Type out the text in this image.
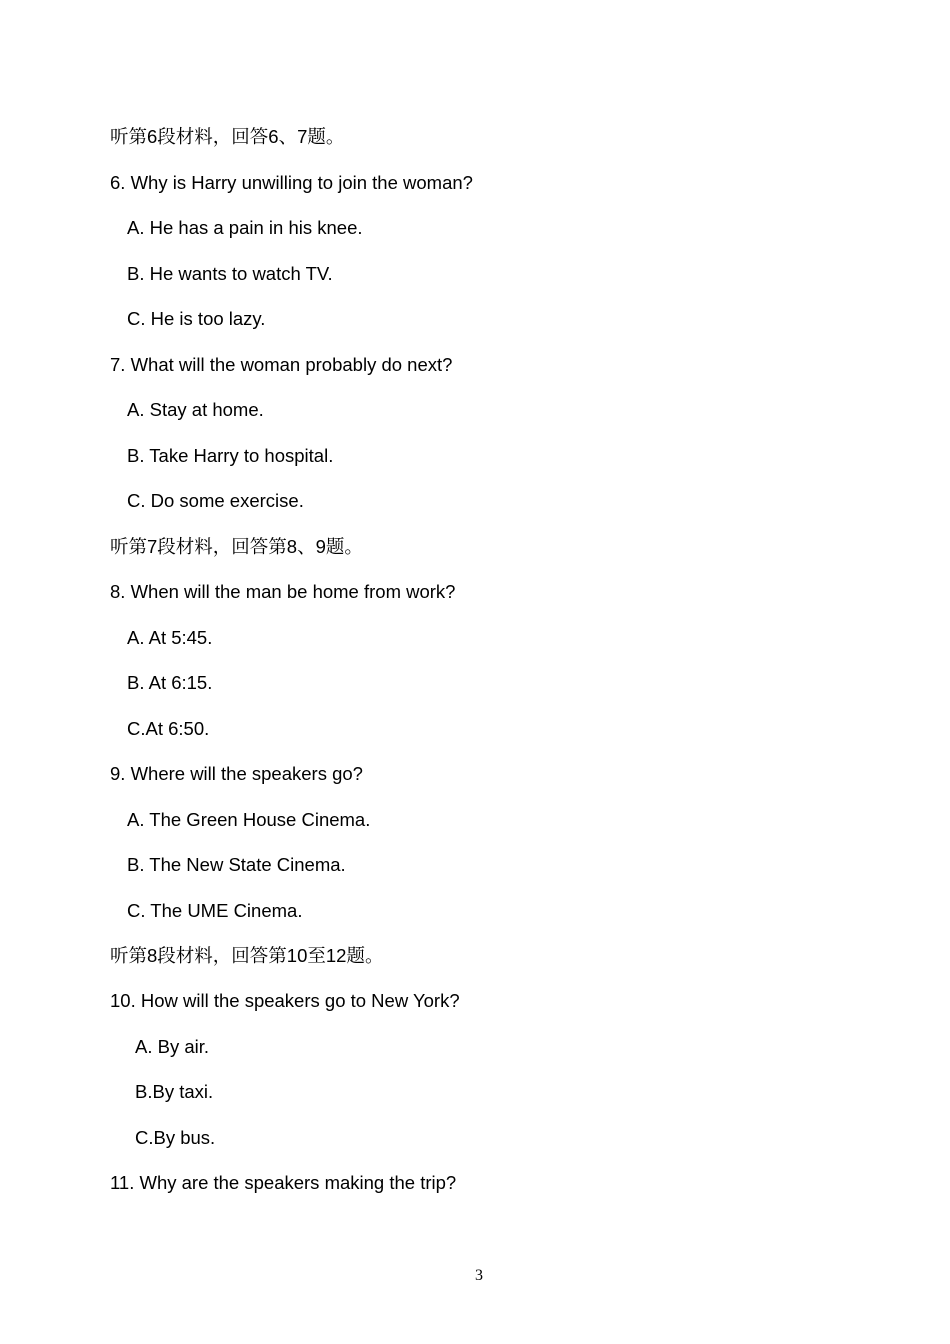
听第6段材料，回答6、7题。
6. Why is Harry unwilling to join the woman?
A. He has a pain in his knee.
B. He wants to watch TV.
C. He is too lazy.
7. What will the woman probably do next?
A. Stay at home.
B. Take Harry to hospital.
C. Do some exercise.
听第7段材料，回答第8、9题。
8. When will the man be home from work?
A. At 5:45.
B. At 6:15.
C.At 6:50.
9. Where will the speakers go?
A. The Green House Cinema.
B. The New State Cinema.
C. The UME Cinema.
听第8段材料，回答第10至12题。
10. How will the speakers go to New York?
A. By air.
B.By taxi.
C.By bus.
11. Why are the speakers making the trip?
3
